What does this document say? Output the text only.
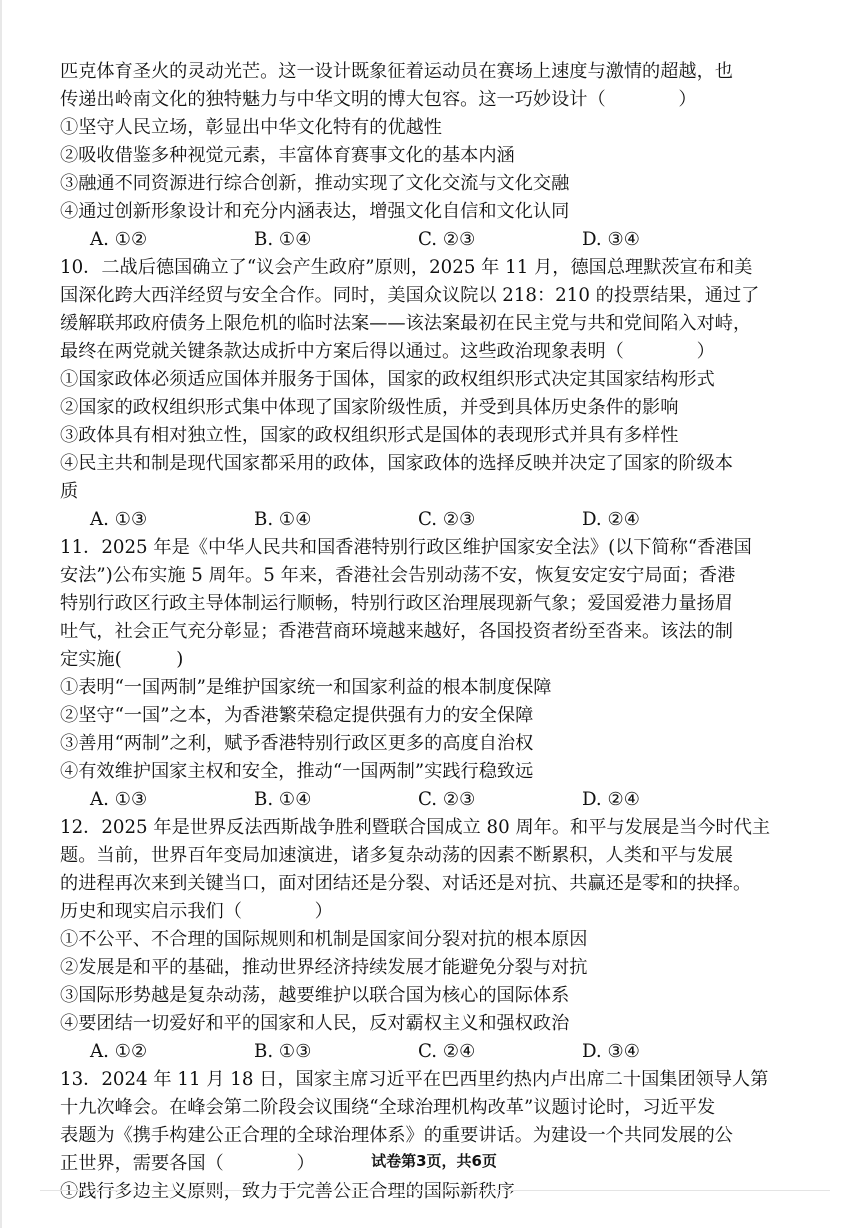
匹克体育圣火的灵动光芒。这一设计既象征着运动员在赛场上速度与激情的超越，也

传递出岭南文化的独特魅力与中华文明的博大包容。这一巧妙设计（　　　　）

①坚守人民立场，彰显出中华文化特有的优越性

②吸收借鉴多种视觉元素，丰富体育赛事文化的基本内涵

③融通不同资源进行综合创新，推动实现了文化交流与文化交融

④通过创新形象设计和充分内涵表达，增强文化自信和文化认同

A. ①②	B. ①④	C. ②③	D. ③④

10．二战后德国确立了“议会产生政府”原则，2025 年 11 月，德国总理默茨宣布和美

国深化跨大西洋经贸与安全合作。同时，美国众议院以 218：210 的投票结果，通过了

缓解联邦政府债务上限危机的临时法案——该法案最初在民主党与共和党间陷入对峙，

最终在两党就关键条款达成折中方案后得以通过。这些政治现象表明（　　　　）

①国家政体必须适应国体并服务于国体，国家的政权组织形式决定其国家结构形式

②国家的政权组织形式集中体现了国家阶级性质，并受到具体历史条件的影响

③政体具有相对独立性，国家的政权组织形式是国体的表现形式并具有多样性

④民主共和制是现代国家都采用的政体，国家政体的选择反映并决定了国家的阶级本

质

A. ①③	B. ①④	C. ②③	D. ②④

11．2025 年是《中华人民共和国香港特别行政区维护国家安全法》(以下简称“香港国

安法”)公布实施 5 周年。5 年来，香港社会告别动荡不安，恢复安定安宁局面；香港

特别行政区行政主导体制运行顺畅，特别行政区治理展现新气象；爱国爱港力量扬眉

吐气，社会正气充分彰显；香港营商环境越来越好，各国投资者纷至沓来。该法的制

定实施(　　　)

①表明“一国两制”是维护国家统一和国家利益的根本制度保障

②坚守“一国”之本，为香港繁荣稳定提供强有力的安全保障

③善用“两制”之利，赋予香港特别行政区更多的高度自治权

④有效维护国家主权和安全，推动“一国两制”实践行稳致远

A. ①③	B. ①④	C. ②③	D. ②④

12．2025 年是世界反法西斯战争胜利暨联合国成立 80 周年。和平与发展是当今时代主

题。当前，世界百年变局加速演进，诸多复杂动荡的因素不断累积，人类和平与发展

的进程再次来到关键当口，面对团结还是分裂、对话还是对抗、共赢还是零和的抉择。

历史和现实启示我们（　　　　）

①不公平、不合理的国际规则和机制是国家间分裂对抗的根本原因

②发展是和平的基础，推动世界经济持续发展才能避免分裂与对抗

③国际形势越是复杂动荡，越要维护以联合国为核心的国际体系

④要团结一切爱好和平的国家和人民，反对霸权主义和强权政治

A. ①②	B. ①③	C. ②④	D. ③④

13．2024 年 11 月 18 日，国家主席习近平在巴西里约热内卢出席二十国集团领导人第

十九次峰会。在峰会第二阶段会议围绕“全球治理机构改革”议题讨论时，习近平发

表题为《携手构建公正合理的全球治理体系》的重要讲话。为建设一个共同发展的公

正世界，需要各国（　　　　）

①践行多边主义原则，致力于完善公正合理的国际新秩序

试卷第3页，共6页
